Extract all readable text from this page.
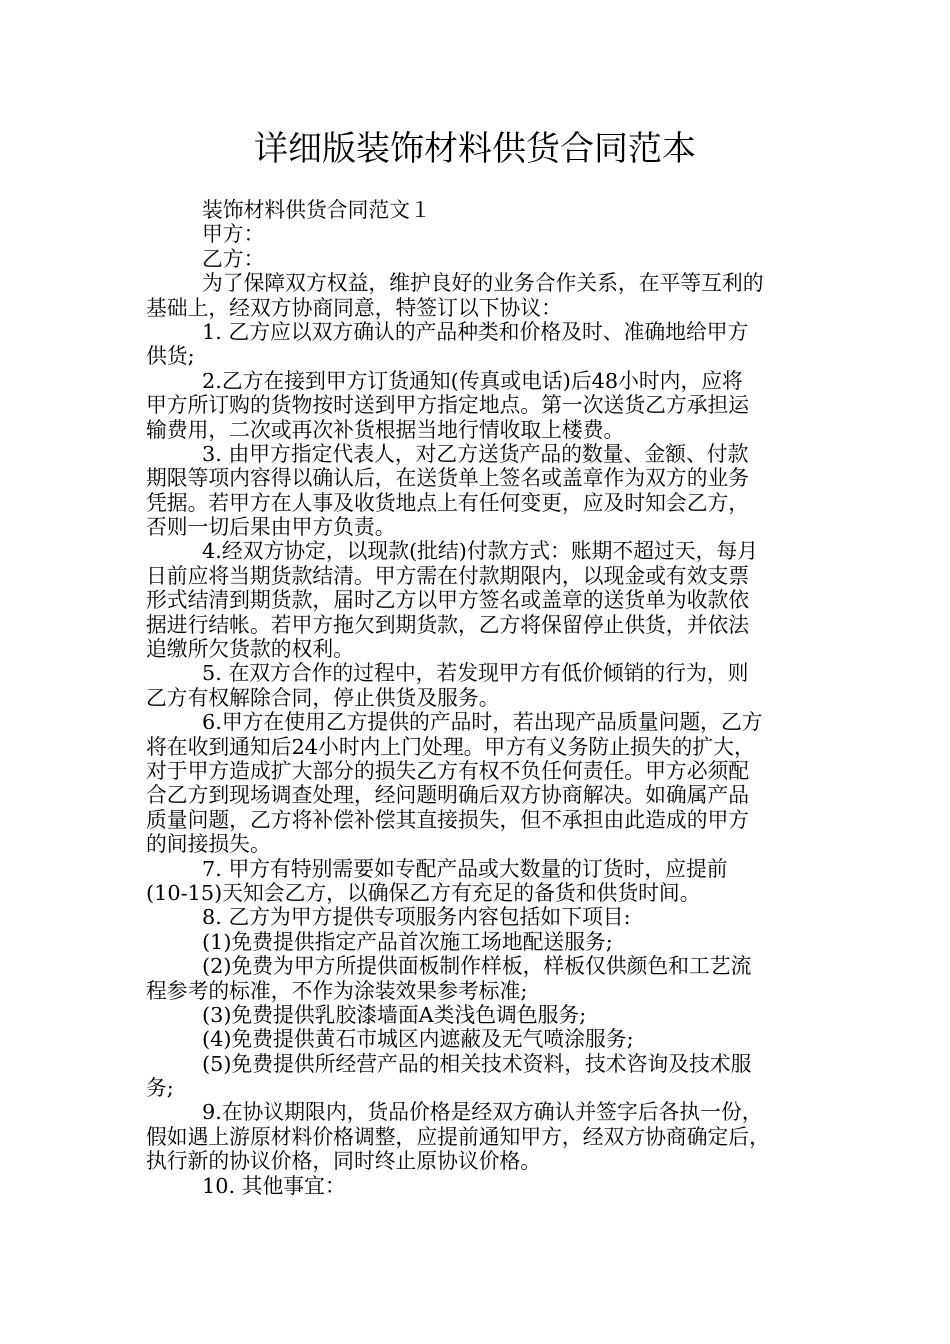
详细版装饰材料供货合同范本
装饰材料供货合同范文１
甲方：
乙方：
为了保障双方权益，维护良好的业务合作关系，在平等互利的
基础上，经双方协商同意，特签订以下协议：
1. 乙方应以双方确认的产品种类和价格及时、准确地给甲方
供货;
2.乙方在接到甲方订货通知(传真或电话)后48小时内，应将
甲方所订购的货物按时送到甲方指定地点。第一次送货乙方承担运
输费用，二次或再次补货根据当地行情收取上楼费。
3. 由甲方指定代表人，对乙方送货产品的数量、金额、付款
期限等项内容得以确认后，在送货单上签名或盖章作为双方的业务
凭据。若甲方在人事及收货地点上有任何变更，应及时知会乙方，
否则一切后果由甲方负责。
4.经双方协定，以现款(批结)付款方式：账期不超过天，每月
日前应将当期货款结清。甲方需在付款期限内，以现金或有效支票
形式结清到期货款，届时乙方以甲方签名或盖章的送货单为收款依
据进行结帐。若甲方拖欠到期货款，乙方将保留停止供货，并依法
追缴所欠货款的权利。
5. 在双方合作的过程中，若发现甲方有低价倾销的行为，则
乙方有权解除合同，停止供货及服务。
6.甲方在使用乙方提供的产品时，若出现产品质量问题，乙方
将在收到通知后24小时内上门处理。甲方有义务防止损失的扩大，
对于甲方造成扩大部分的损失乙方有权不负任何责任。甲方必须配
合乙方到现场调查处理，经问题明确后双方协商解决。如确属产品
质量问题，乙方将补偿补偿其直接损失，但不承担由此造成的甲方
的间接损失。
7. 甲方有特别需要如专配产品或大数量的订货时，应提前
(10-15)天知会乙方，以确保乙方有充足的备货和供货时间。
8. 乙方为甲方提供专项服务内容包括如下项目:
(1)免费提供指定产品首次施工场地配送服务;
(2)免费为甲方所提供面板制作样板，样板仅供颜色和工艺流
程参考的标准，不作为涂装效果参考标准;
(3)免费提供乳胶漆墙面A类浅色调色服务;
(4)免费提供黄石市城区内遮蔽及无气喷涂服务;
(5)免费提供所经营产品的相关技术资料，技术咨询及技术服
务;
9.在协议期限内，货品价格是经双方确认并签字后各执一份，
假如遇上游原材料价格调整，应提前通知甲方，经双方协商确定后，
执行新的协议价格，同时终止原协议价格。
10. 其他事宜：
